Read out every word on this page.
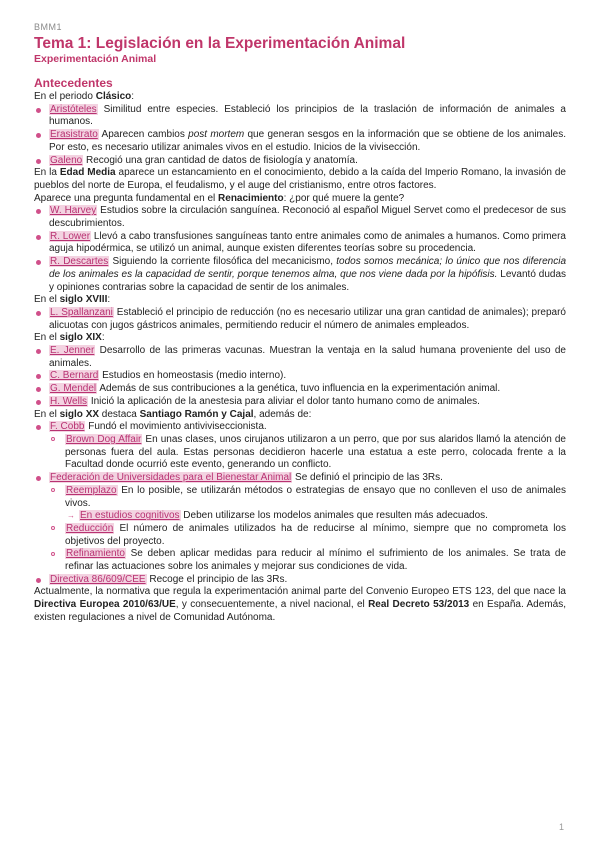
BMM1
Tema 1: Legislación en la Experimentación Animal
Experimentación Animal
Antecedentes

En el periodo Clásico:

Aristóteles Similitud entre especies. Estableció los principios de la traslación de información de animales a humanos.
Erasistrato Aparecen cambios post mortem que generan sesgos en la información que se obtiene de los animales. Por esto, es necesario utilizar animales vivos en el estudio. Inicios de la vivisección.
Galeno Recogió una gran cantidad de datos de fisiología y anatomía.

En la Edad Media aparece un estancamiento en el conocimiento, debido a la caída del Imperio Romano, la invasión de pueblos del norte de Europa, el feudalismo, y el auge del cristianismo, entre otros factores.

Aparece una pregunta fundamental en el Renacimiento: ¿por qué muere la gente?

W. Harvey Estudios sobre la circulación sanguínea. Reconoció al español Miguel Servet como el predecesor de sus descubrimientos.
R. Lower Llevó a cabo transfusiones sanguíneas tanto entre animales como de animales a humanos. Como primera aguja hipodérmica, se utilizó un animal, aunque existen diferentes teorías sobre su procedencia.
R. Descartes Siguiendo la corriente filosófica del mecanicismo, todos somos mecánica; lo único que nos diferencia de los animales es la capacidad de sentir, porque tenemos alma, que nos viene dada por la hipófisis. Levantó dudas y opiniones contrarias sobre la capacidad de sentir de los animales.

En el siglo XVIII:

L. Spallanzani Estableció el principio de reducción (no es necesario utilizar una gran cantidad de animales); preparó alicuotas con jugos gástricos animales, permitiendo reducir el número de animales empleados.

En el siglo XIX:

E. Jenner Desarrollo de las primeras vacunas. Muestran la ventaja en la salud humana proveniente del uso de animales.
C. Bernard Estudios en homeostasis (medio interno).
G. Mendel Además de sus contribuciones a la genética, tuvo influencia en la experimentación animal.
H. Wells Inició la aplicación de la anestesia para aliviar el dolor tanto humano como de animales.

En el siglo XX destaca Santiago Ramón y Cajal, además de:

F. Cobb Fundó el movimiento antiviviseccionista.
Brown Dog Affair En unas clases, unos cirujanos utilizaron a un perro, que por sus alaridos llamó la atención de personas fuera del aula. Estas personas decidieron hacerle una estatua a este perro, colocada frente a la Facultad donde ocurrió este evento, generando un conflicto.
Federación de Universidades para el Bienestar Animal Se definió el principio de las 3Rs.
Reemplazo En lo posible, se utilizarán métodos o estrategias de ensayo que no conlleven el uso de animales vivos.
→ En estudios cognitivos Deben utilizarse los modelos animales que resulten más adecuados.
Reducción El número de animales utilizados ha de reducirse al mínimo, siempre que no comprometa los objetivos del proyecto.
Refinamiento Se deben aplicar medidas para reducir al mínimo el sufrimiento de los animales. Se trata de refinar las actuaciones sobre los animales y mejorar sus condiciones de vida.
Directiva 86/609/CEE Recoge el principio de las 3Rs.

Actualmente, la normativa que regula la experimentación animal parte del Convenio Europeo ETS 123, del que nace la Directiva Europea 2010/63/UE, y consecuentemente, a nivel nacional, el Real Decreto 53/2013 en España. Además, existen regulaciones a nivel de Comunidad Autónoma.

1
